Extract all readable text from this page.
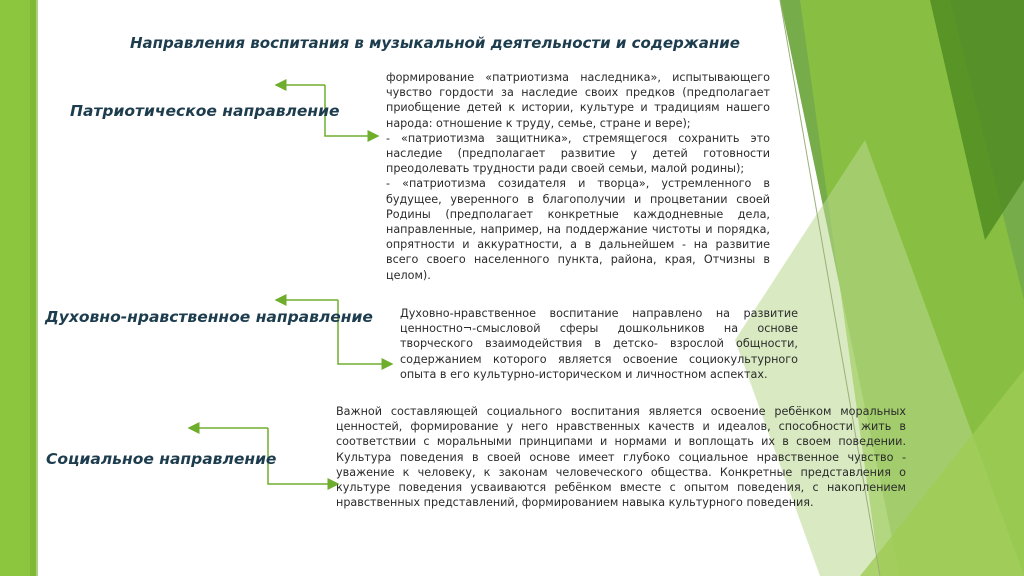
Направления воспитания в музыкальной деятельности и содержание
Патриотическое направление

формирование «патриотизма наследника», испытывающего чувство гордости за наследие своих предков (предполагает приобщение детей к истории, культуре и традициям нашего народа: отношение к труду, семье, стране и вере);

- «патриотизма защитника», стремящегося сохранить это наследие (предполагает развитие у детей готовности преодолевать трудности ради своей семьи, малой родины);

- «патриотизма созидателя и творца», устремленного в будущее, уверенного в благополучии и процветании своей Родины (предполагает конкретные каждодневные дела, направленные, например, на поддержание чистоты и порядка, опрятности и аккуратности, а в дальнейшем - на развитие всего своего населенного пункта, района, края, Отчизны в целом).

Духовно-нравственное направление Духовно-нравственное воспитание направлено на развитие ценностно¬-смысловой сферы дошкольников на основе творческого взаимодействия в детско- взрослой общности, содержанием которого является освоение социокультурного опыта в его культурно-историческом и личностном аспектах.

Социальное направление

Важной составляющей социального воспитания является освоение ребёнком моральных ценностей, формирование у него нравственных качеств и идеалов, способности жить в соответствии с моральными принципами и нормами и воплощать их в своем поведении. Культура поведения в своей основе имеет глубоко социальное нравственное чувство - уважение к человеку, к законам человеческого общества. Конкретные представления о культуре поведения усваиваются ребёнком вместе с опытом поведения, с накоплением нравственных представлений, формированием навыка культурного поведения.
